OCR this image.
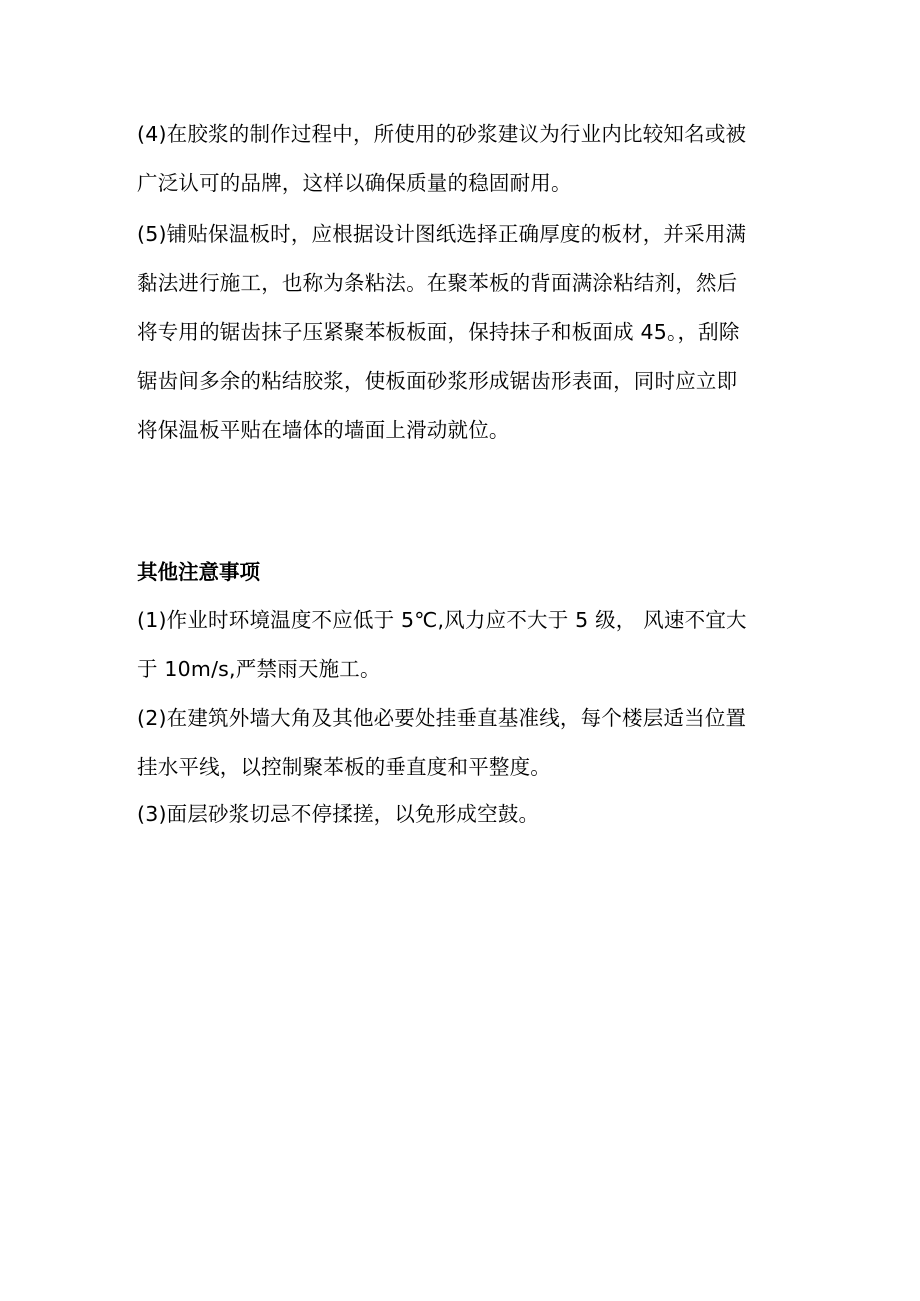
(4)在胶浆的制作过程中，所使用的砂浆建议为行业内比较知名或被
广泛认可的品牌，这样以确保质量的稳固耐用。

(5)铺贴保温板时，应根据设计图纸选择正确厚度的板材，并采用满
黏法进行施工，也称为条粘法。在聚苯板的背面满涂粘结剂，然后
将专用的锯齿抹子压紧聚苯板板面，保持抹子和板面成 45。，刮除
锯齿间多余的粘结胶浆，使板面砂浆形成锯齿形表面，同时应立即
将保温板平贴在墙体的墙面上滑动就位。

其他注意事项

(1)作业时环境温度不应低于 5℃,风力应不大于 5 级， 风速不宜大
于 10m∕s,严禁雨天施工。

(2)在建筑外墙大角及其他必要处挂垂直基准线，每个楼层适当位置
挂水平线，以控制聚苯板的垂直度和平整度。

(3)面层砂浆切忌不停揉搓，以免形成空鼓。
